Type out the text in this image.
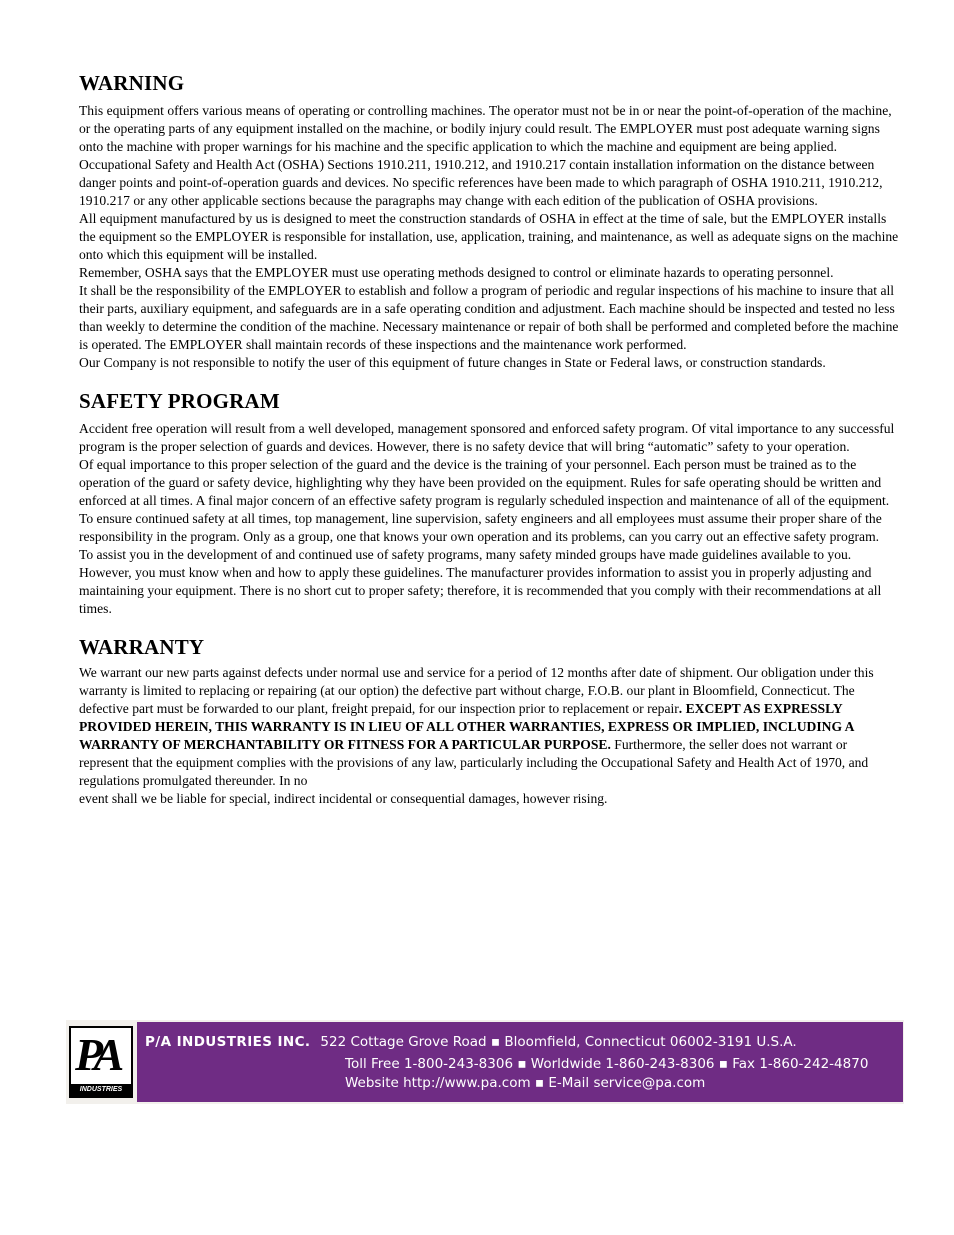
WARNING

This equipment offers various means of operating or controlling machines. The operator must not be in or near the point-of-operation of the machine, or the operating parts of any equipment installed on the machine, or bodily injury could result. The EMPLOYER must post adequate warning signs onto the machine with proper warnings for his machine and the specific application to which the machine and equipment are being applied.

Occupational Safety and Health Act (OSHA) Sections 1910.211, 1910.212, and 1910.217 contain installation information on the distance between danger points and point-of-operation guards and devices. No specific references have been made to which paragraph of OSHA 1910.211, 1910.212, 1910.217 or any other applicable sections because the paragraphs may change with each edition of the publication of OSHA provisions.

All equipment manufactured by us is designed to meet the construction standards of OSHA in effect at the time of sale, but the EMPLOYER installs the equipment so the EMPLOYER is responsible for installation, use, application, training, and maintenance, as well as adequate signs on the machine onto which this equipment will be installed.

Remember, OSHA says that the EMPLOYER must use operating methods designed to control or eliminate hazards to operating personnel.

It shall be the responsibility of the EMPLOYER to establish and follow a program of periodic and regular inspections of his machine to insure that all their parts, auxiliary equipment, and safeguards are in a safe operating condition and adjustment. Each machine should be inspected and tested no less than weekly to determine the condition of the machine. Necessary maintenance or repair of both shall be performed and completed before the machine is operated. The EMPLOYER shall maintain records of these inspections and the maintenance work performed.

Our Company is not responsible to notify the user of this equipment of future changes in State or Federal laws, or construction standards.

SAFETY PROGRAM

Accident free operation will result from a well developed, management sponsored and enforced safety program. Of vital importance to any successful program is the proper selection of guards and devices. However, there is no safety device that will bring “automatic” safety to your operation.

Of equal importance to this proper selection of the guard and the device is the training of your personnel. Each person must be trained as to the operation of the guard or safety device, highlighting why they have been provided on the equipment. Rules for safe operating should be written and enforced at all times. A final major concern of an effective safety program is regularly scheduled inspection and maintenance of all of the equipment.

To ensure continued safety at all times, top management, line supervision, safety engineers and all employees must assume their proper share of the responsibility in the program. Only as a group, one that knows your own operation and its problems, can you carry out an effective safety program.

To assist you in the development of and continued use of safety programs, many safety minded groups have made guidelines available to you. However, you must know when and how to apply these guidelines. The manufacturer provides information to assist you in properly adjusting and maintaining your equipment. There is no short cut to proper safety; therefore, it is recommended that you comply with their recommendations at all times.

WARRANTY

We warrant our new parts against defects under normal use and service for a period of 12 months after date of shipment. Our obligation under this warranty is limited to replacing or repairing (at our option) the defective part without charge, F.O.B. our plant in Bloomfield, Connecticut. The defective part must be forwarded to our plant, freight prepaid, for our inspection prior to replacement or repair. EXCEPT AS EXPRESSLY PROVIDED HEREIN, THIS WARRANTY IS IN LIEU OF ALL OTHER WARRANTIES, EXPRESS OR IMPLIED, INCLUDING A WARRANTY OF MERCHANTABILITY OR FITNESS FOR A PARTICULAR PURPOSE. Furthermore, the seller does not warrant or represent that the equipment complies with the provisions of any law, particularly including the Occupational Safety and Health Act of 1970, and regulations promulgated thereunder. In no

event shall we be liable for special, indirect incidental or consequential damages, however rising.

PA
INDUSTRIES
P/A INDUSTRIES INC. 522 Cottage Grove Road ▪ Bloomfield, Connecticut 06002-3191 U.S.A.
Toll Free 1-800-243-8306 ▪ Worldwide 1-860-243-8306 ▪ Fax 1-860-242-4870
Website http://www.pa.com ▪ E-Mail service@pa.com
